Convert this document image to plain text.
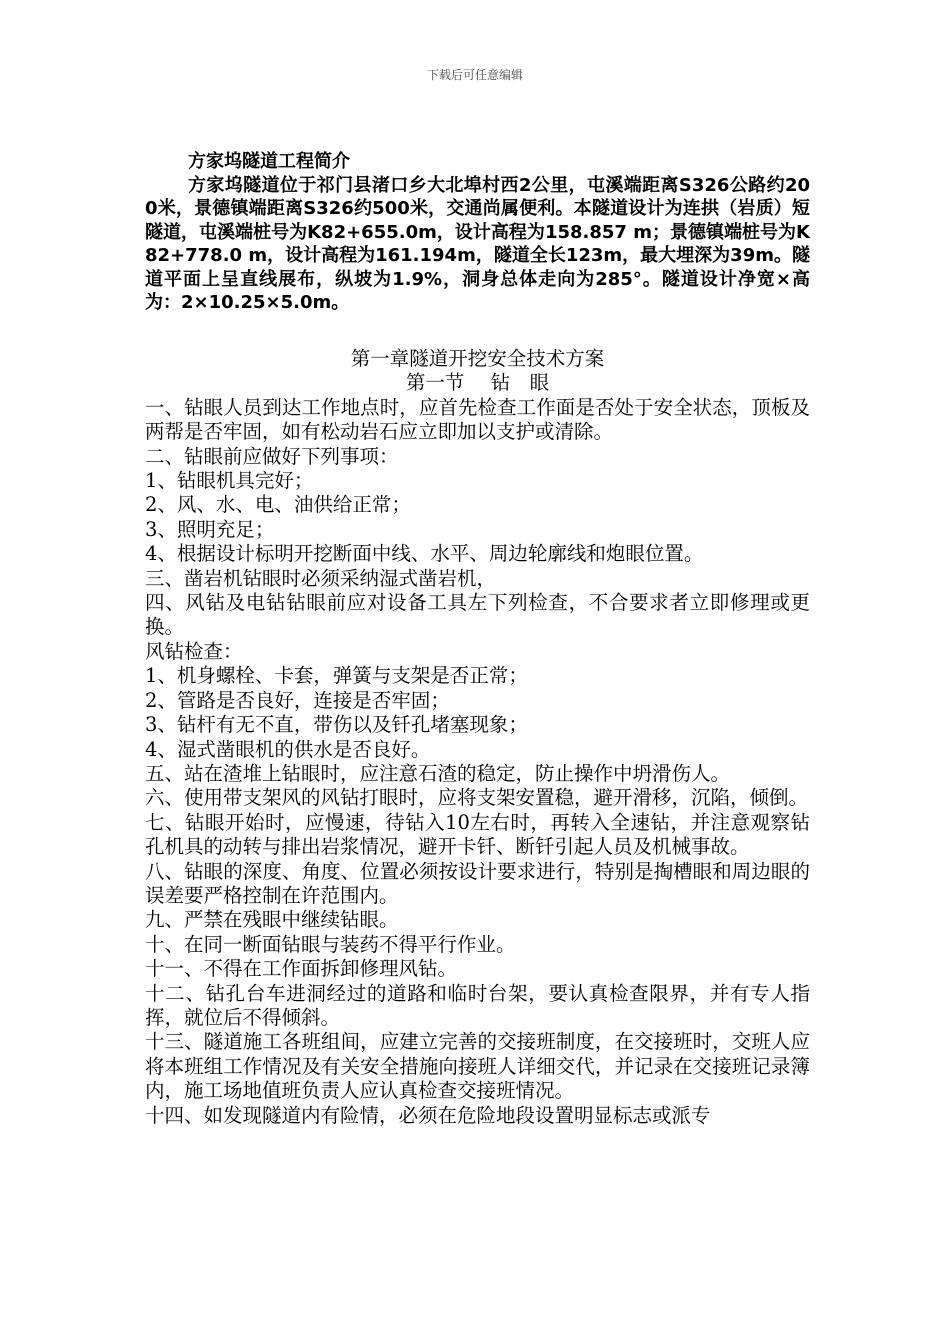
下载后可任意编辑
方家坞隧道工程简介
方家坞隧道位于祁门县渚口乡大北埠村西2公里，屯溪端距离S326公路约200米，景德镇端距离S326约500米，交通尚属便利。本隧道设计为连拱（岩质）短隧道，屯溪端桩号为K82+655.0m，设计高程为158.857 m；景德镇端桩号为K82+778.0 m，设计高程为161.194m，隧道全长123m，最大埋深为39m。隧道平面上呈直线展布，纵坡为1.9%，洞身总体走向为285°。隧道设计净宽×高为：2×10.25×5.0m。
第一章隧道开挖安全技术方案
第一节 钻　眼

一、钻眼人员到达工作地点时，应首先检查工作面是否处于安全状态，顶板及两帮是否牢固，如有松动岩石应立即加以支护或清除。

二、钻眼前应做好下列事项：

1、钻眼机具完好；

2、风、水、电、油供给正常；

3、照明充足；

4、根据设计标明开挖断面中线、水平、周边轮廓线和炮眼位置。

三、凿岩机钻眼时必须采纳湿式凿岩机，

四、风钻及电钻钻眼前应对设备工具左下列检查，不合要求者立即修理或更换。

风钻检查：

1、机身螺栓、卡套，弹簧与支架是否正常；

2、管路是否良好，连接是否牢固；

3、钻杆有无不直，带伤以及钎孔堵塞现象；

4、湿式凿眼机的供水是否良好。

五、站在渣堆上钻眼时，应注意石渣的稳定，防止操作中坍滑伤人。

六、使用带支架风的风钻打眼时，应将支架安置稳，避开滑移，沉陷，倾倒。

七、钻眼开始时，应慢速，待钻入10左右时，再转入全速钻，并注意观察钻孔机具的动转与排出岩浆情况，避开卡钎、断钎引起人员及机械事故。

八、钻眼的深度、角度、位置必须按设计要求进行，特别是掏槽眼和周边眼的误差要严格控制在许范围内。

九、严禁在残眼中继续钻眼。

十、在同一断面钻眼与装药不得平行作业。

十一、不得在工作面拆卸修理风钻。

十二、钻孔台车进洞经过的道路和临时台架，要认真检查限界，并有专人指挥，就位后不得倾斜。

十三、隧道施工各班组间，应建立完善的交接班制度，在交接班时，交班人应将本班组工作情况及有关安全措施向接班人详细交代，并记录在交接班记录簿内，施工场地值班负责人应认真检查交接班情况。

十四、如发现隧道内有险情，必须在危险地段设置明显标志或派专
